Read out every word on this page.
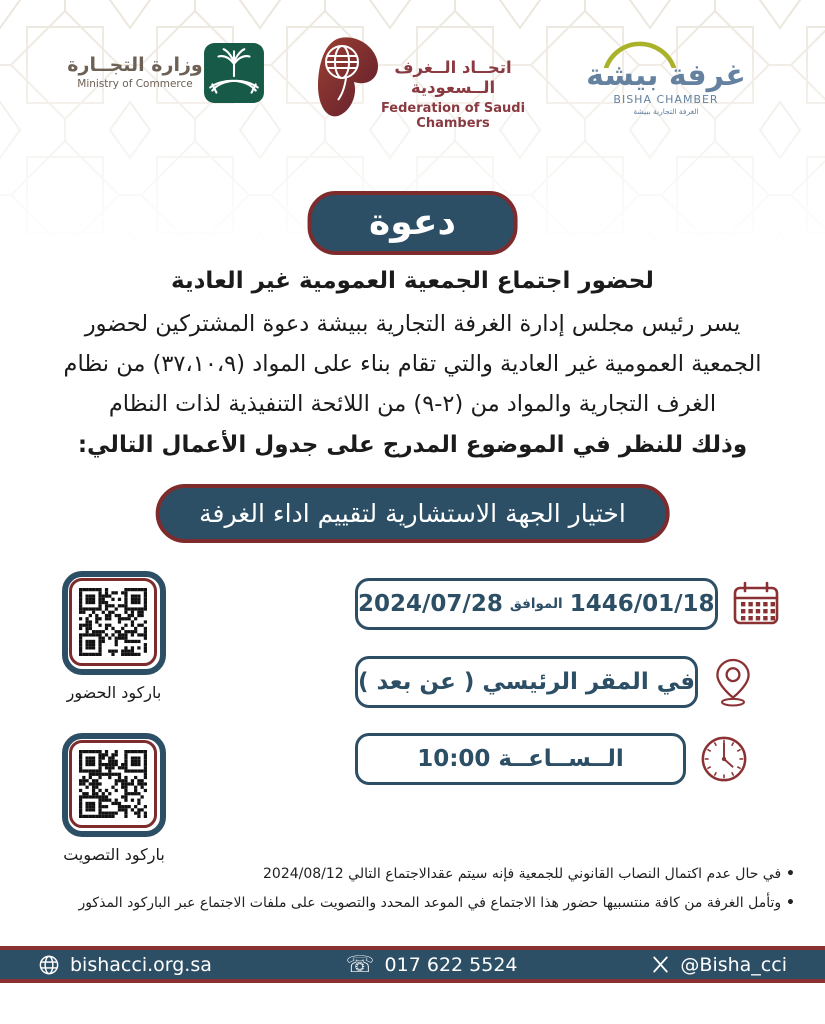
وزارة التجــارة
Ministry of Commerce
اتحــاد الــغرف الــسعودية
Federation of Saudi Chambers
غرفة بيشة
BISHA CHAMBER
الغرفة التجارية ببيشة
دعوة
لحضور اجتماع الجمعية العمومية غير العادية
يسر رئيس مجلس إدارة الغرفة التجارية ببيشة دعوة المشتركين لحضور
الجمعية العمومية غير العادية والتي تقام بناء على المواد (٣٧،١٠،٩) من نظام
الغرف التجارية والمواد من (٢-٩) من اللائحة التنفيذية لذات النظام
وذلك للنظر في الموضوع المدرج على جدول الأعمال التالي:
اختيار الجهة الاستشارية لتقييم اداء الغرفة
1446/01/18
الموافق
2024/07/28
في المقر الرئيسي ( عن بعد )
الــســاعــة 10:00
باركود الحضور
باركود التصويت
• في حال عدم اكتمال النصاب القانوني للجمعية فإنه سيتم عقدالاجتماع التالي 2024/08/12
• وتأمل الغرفة من كافة منتسبيها حضور هذا الاجتماع في الموعد المحدد والتصويت على ملفات الاجتماع عبر الباركود المذكور
bishacci.org.sa	☏ 017 622 5524	@Bisha_cci
